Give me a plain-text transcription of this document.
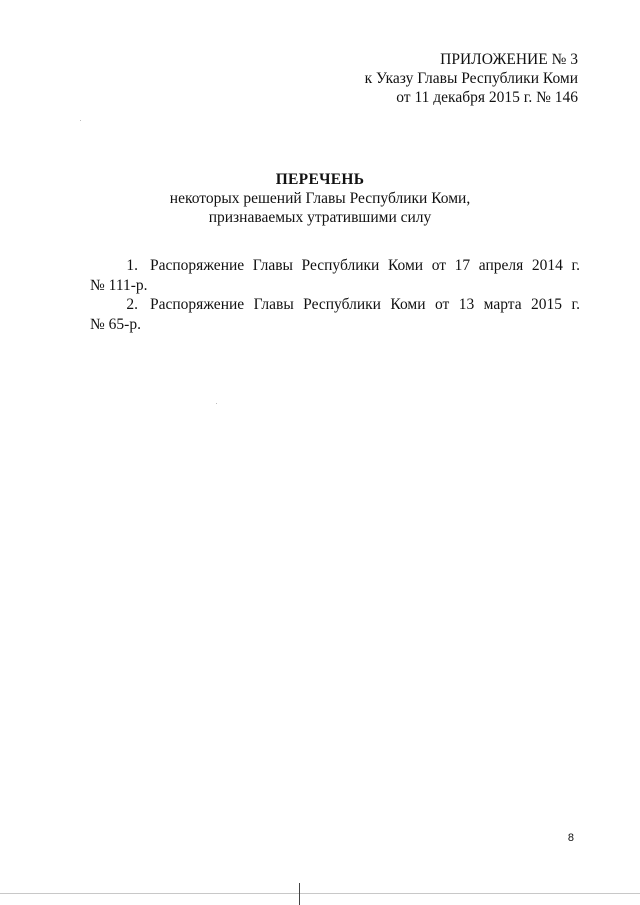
ПРИЛОЖЕНИЕ № 3
к Указу Главы Республики Коми
от 11 декабря 2015 г. № 146
ПЕРЕЧЕНЬ
некоторых решений Главы Республики Коми,
признаваемых утратившими силу
1. Распоряжение Главы Республики Коми от 17 апреля 2014 г.
№ 111-р.
2. Распоряжение Главы Республики Коми от 13 марта 2015 г.
№ 65-р.
8
